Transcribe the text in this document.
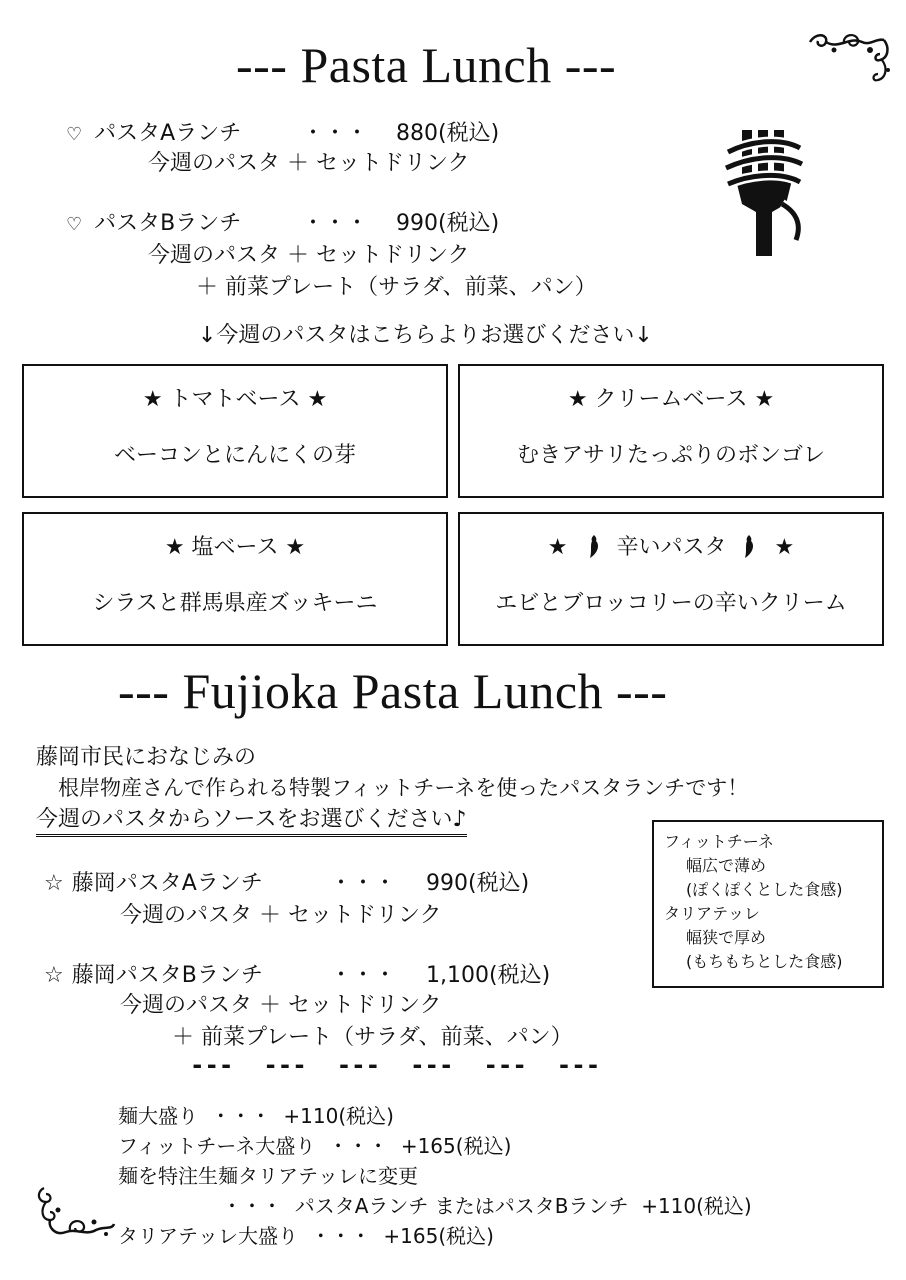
--- Pasta Lunch ---
♡ パスタAランチ	・・・ 880(税込)
今週のパスタ ＋ セットドリンク
♡ パスタBランチ	・・・ 990(税込)
今週のパスタ ＋ セットドリンク
＋ 前菜プレート（サラダ、前菜、パン）
↓今週のパスタはこちらよりお選びください↓
★ トマトベース ★
ベーコンとにんにくの芽
★ クリームベース ★
むきアサリたっぷりのボンゴレ
★ 塩ベース ★
シラスと群馬県産ズッキーニ
★ 辛いパスタ ★
エビとブロッコリーの辛いクリーム
--- Fujioka Pasta Lunch ---
藤岡市民におなじみの
根岸物産さんで作られる特製フィットチーネを使ったパスタランチです！
今週のパスタからソースをお選びください♪
フィットチーネ
幅広で薄め
(ぽくぽくとした食感)
タリアテッレ
幅狭で厚め
(もちもちとした食感)
☆ 藤岡パスタAランチ	・・・ 990(税込)
今週のパスタ ＋ セットドリンク
☆ 藤岡パスタBランチ	・・・ 1,100(税込)
今週のパスタ ＋ セットドリンク
＋ 前菜プレート（サラダ、前菜、パン）
--- --- --- --- --- ---
麺大盛り  ・・・  +110(税込)
フィットチーネ大盛り  ・・・  +165(税込)
麺を特注生麺タリアテッレに変更
・・・  パスタAランチ またはパスタBランチ  +110(税込)
タリアテッレ大盛り  ・・・  +165(税込)
